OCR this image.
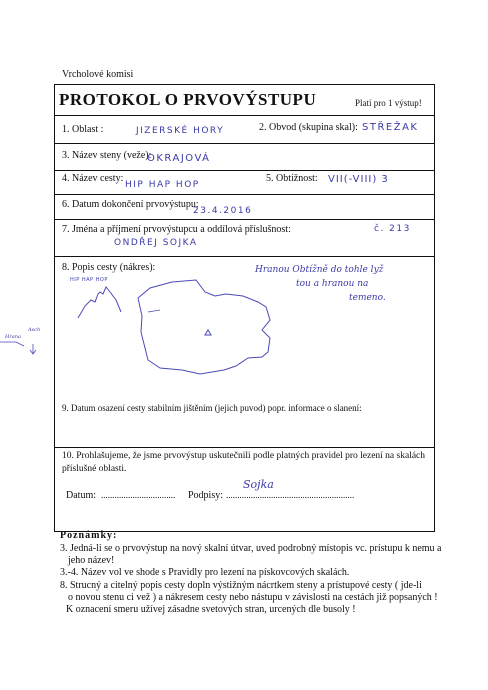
Vrcholové komisi
PROTOKOL O PRVOVÝSTUPU	Platí pro 1 výstup!
1. Oblast :	JIZERSKÉ HORY	2. Obvod (skupina skal): STŘEŽAK
3. Název steny (veže):
OKRAJOVÁ
4. Název cesty:
HIP HAP HOP
5. Obtížnost: VII(-VIII) 3
6. Datum dokončení prvovýstupu:
23.4.2016
7. Jména a příjmení prvovýstupcu a oddílová příslušnost:	č. 213
ONDŘEJ SOJKA
8. Popis cesty (nákres):	Hranou Obtížně do tohle lyž
tou a hranou na
temeno.
HIP HAP HOP
Hrana
Asch
9. Datum osazení cesty stabilním jištěním (jejich puvod) popr. informace o slanení:
10. Prohlašujeme, že jsme prvovýstup uskutečnili podle platných pravidel pro lezení na skalách
příslušné oblasti.
Datum: ................................. Podpisy: .........................................................
Sojka
Poznámky:
3. Jedná-li se o prvovýstup na nový skalní útvar, uved podrobný místopis vc. prístupu k nemu a
jeho název!
3.-4. Název vol ve shode s Pravidly pro lezení na pískovcových skalách.
8. Strucný a citelný popis cesty dopln výstižným nácrtkem steny a prístupové cesty ( jde-li
o novou stenu ci vež ) a nákresem cesty nebo nástupu v závislosti na cestách již popsaných !
K oznacení smeru užívej zásadne svetových stran, urcených dle busoly !
